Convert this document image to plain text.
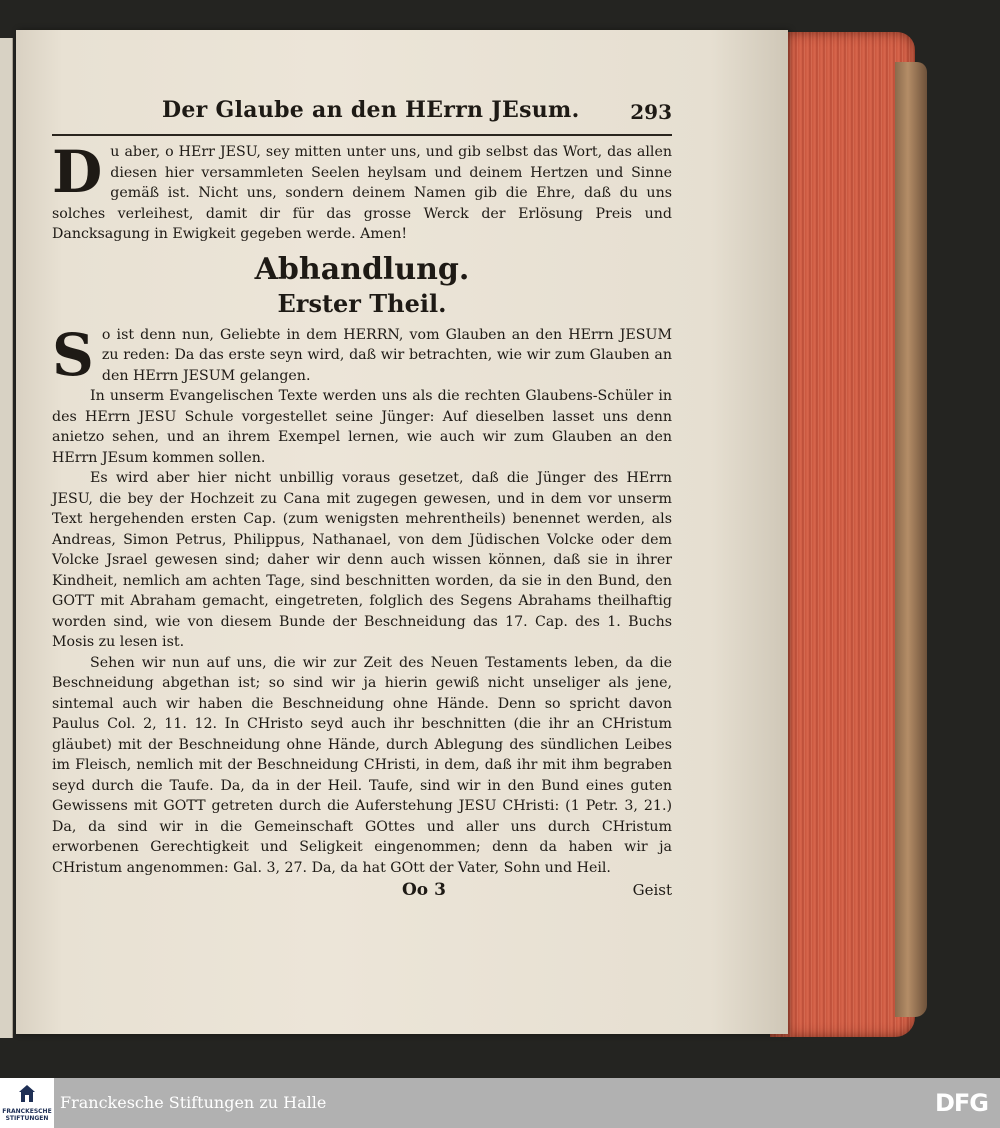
Der Glaube an den HErrn JEsum.	293

Du aber, o HErr JESU, sey mitten unter uns, und gib selbst das Wort, das allen diesen hier versammleten Seelen heylsam und deinem Hertzen und Sinne gemäß ist. Nicht uns, sondern deinem Namen gib die Ehre, daß du uns solches verleihest, damit dir für das grosse Werck der Erlösung Preis und Dancksagung in Ewigkeit gegeben werde. Amen!

Abhandlung.
Erster Theil.

So ist denn nun, Geliebte in dem HERRN, vom Glauben an den HErrn JESUM zu reden: Da das erste seyn wird, daß wir betrachten, wie wir zum Glauben an den HErrn JESUM gelangen.

In unserm Evangelischen Texte werden uns als die rechten Glaubens-Schüler in des HErrn JESU Schule vorgestellet seine Jünger: Auf dieselben lasset uns denn anietzo sehen, und an ihrem Exempel lernen, wie auch wir zum Glauben an den HErrn JEsum kommen sollen.

Es wird aber hier nicht unbillig voraus gesetzet, daß die Jünger des HErrn JESU, die bey der Hochzeit zu Cana mit zugegen gewesen, und in dem vor unserm Text hergehenden ersten Cap. (zum wenigsten mehrentheils) benennet werden, als Andreas, Simon Petrus, Philippus, Nathanael, von dem Jüdischen Volcke oder dem Volcke Jsrael gewesen sind; daher wir denn auch wissen können, daß sie in ihrer Kindheit, nemlich am achten Tage, sind beschnitten worden, da sie in den Bund, den GOTT mit Abraham gemacht, eingetreten, folglich des Segens Abrahams theilhaftig worden sind, wie von diesem Bunde der Beschneidung das 17. Cap. des 1. Buchs Mosis zu lesen ist.

Sehen wir nun auf uns, die wir zur Zeit des Neuen Testaments leben, da die Beschneidung abgethan ist; so sind wir ja hierin gewiß nicht unseliger als jene, sintemal auch wir haben die Beschneidung ohne Hände. Denn so spricht davon Paulus Col. 2, 11. 12. In CHristo seyd auch ihr beschnitten (die ihr an CHristum gläubet) mit der Beschneidung ohne Hände, durch Ablegung des sündlichen Leibes im Fleisch, nemlich mit der Beschneidung CHristi, in dem, daß ihr mit ihm begraben seyd durch die Taufe. Da, da in der Heil. Taufe, sind wir in den Bund eines guten Gewissens mit GOTT getreten durch die Auferstehung JESU CHristi: (1 Petr. 3, 21.) Da, da sind wir in die Gemeinschaft GOttes und aller uns durch CHristum erworbenen Gerechtigkeit und Seligkeit eingenommen; denn da haben wir ja CHristum angenommen: Gal. 3, 27. Da, da hat GOtt der Vater, Sohn und Heil.

Oo 3	Geist
FRANCKESCHE STIFTUNGEN
Franckesche Stiftungen zu Halle	DFG
